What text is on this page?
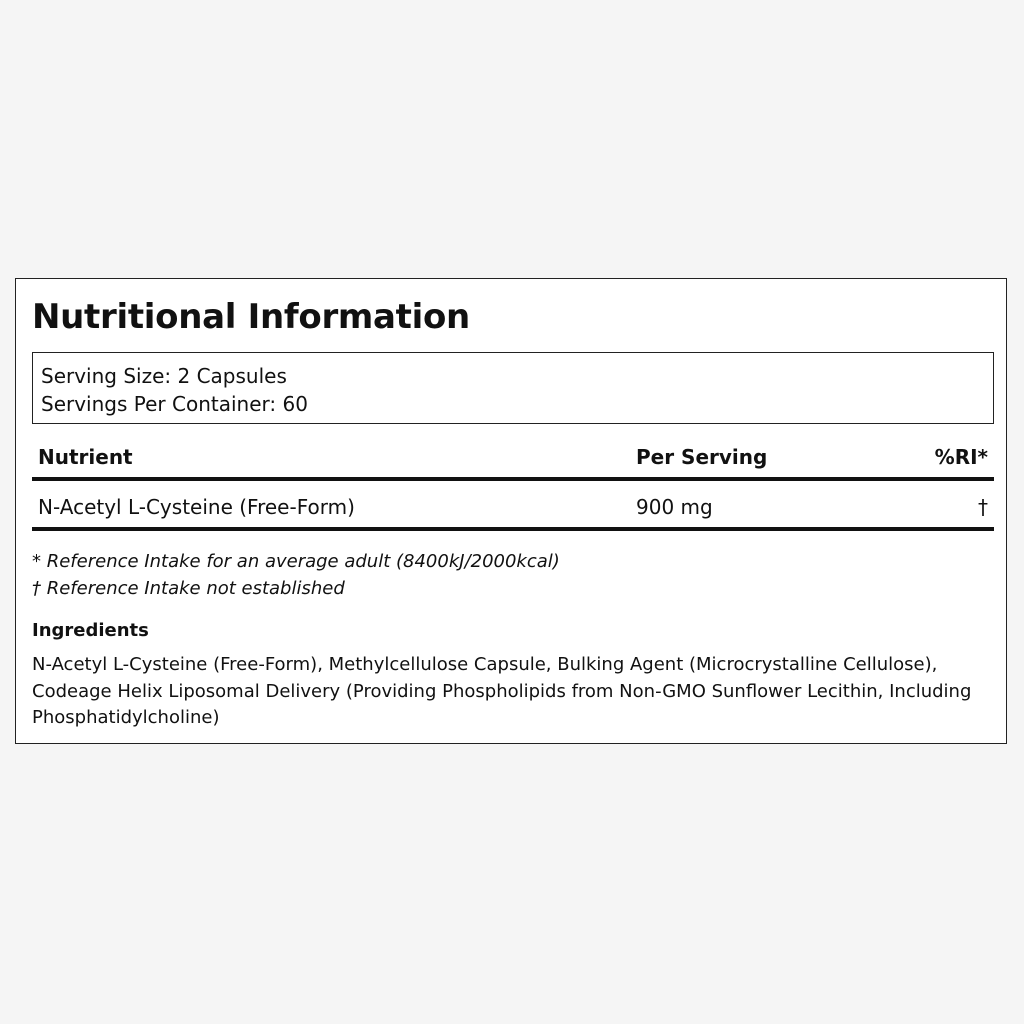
Nutritional Information
Serving Size: 2 Capsules
Servings Per Container: 60
Nutrient	Per Serving	%RI*
N-Acetyl L-Cysteine (Free-Form)	900 mg	†
* Reference Intake for an average adult (8400kJ/2000kcal)
† Reference Intake not established
Ingredients

N-Acetyl L-Cysteine (Free-Form), Methylcellulose Capsule, Bulking Agent (Microcrystalline Cellulose), Codeage Helix Liposomal Delivery (Providing Phospholipids from Non-GMO Sunflower Lecithin, Including Phosphatidylcholine)
